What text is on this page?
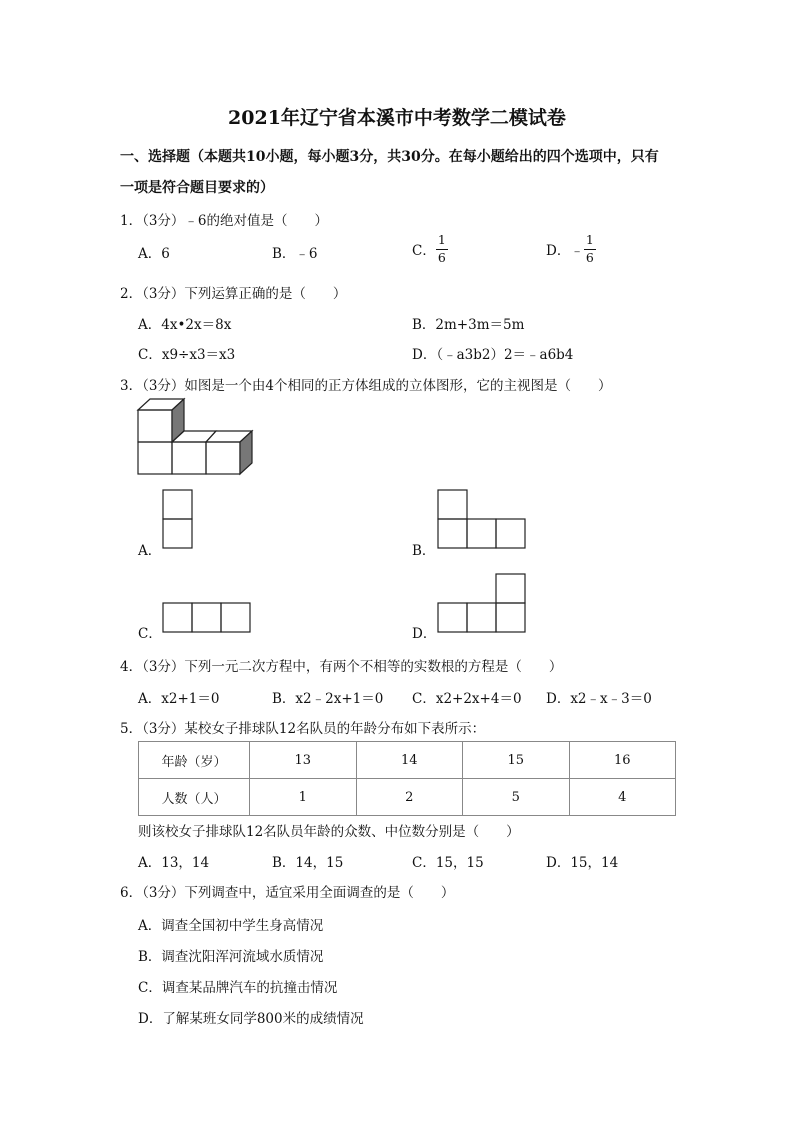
2021年辽宁省本溪市中考数学二模试卷
一、选择题（本题共10小题，每小题3分，共30分。在每小题给出的四个选项中，只有
一项是符合题目要求的）
1．（3分）﹣6的绝对值是（　　）
A．6	B．﹣6	C． $\frac{1}{6}$	D．﹣ $\frac{1}{6}$
2．（3分）下列运算正确的是（　　）
A．4x•2x＝8x	B．2m+3m＝5m
C．x9÷x3＝x3	D．（﹣a3b2）2＝﹣a6b4
3．（3分）如图是一个由4个相同的正方体组成的立体图形，它的主视图是（　　）
A．	B．
C．	D．
4．（3分）下列一元二次方程中，有两个不相等的实数根的方程是（　　）
A．x2+1＝0	B．x2﹣2x+1＝0 C．x2+2x+4＝0 D．x2﹣x﹣3＝0
5．（3分）某校女子排球队12名队员的年龄分布如下表所示：
年龄（岁）	13	14	15	16
人数（人）	1	2	5	4
则该校女子排球队12名队员年龄的众数、中位数分别是（　　）
A．13，14	B．14，15	C．15，15	D．15，14
6．（3分）下列调查中，适宜采用全面调查的是（　　）
A．调查全国初中学生身高情况
B．调查沈阳浑河流域水质情况
C．调查某品牌汽车的抗撞击情况
D．了解某班女同学800米的成绩情况
